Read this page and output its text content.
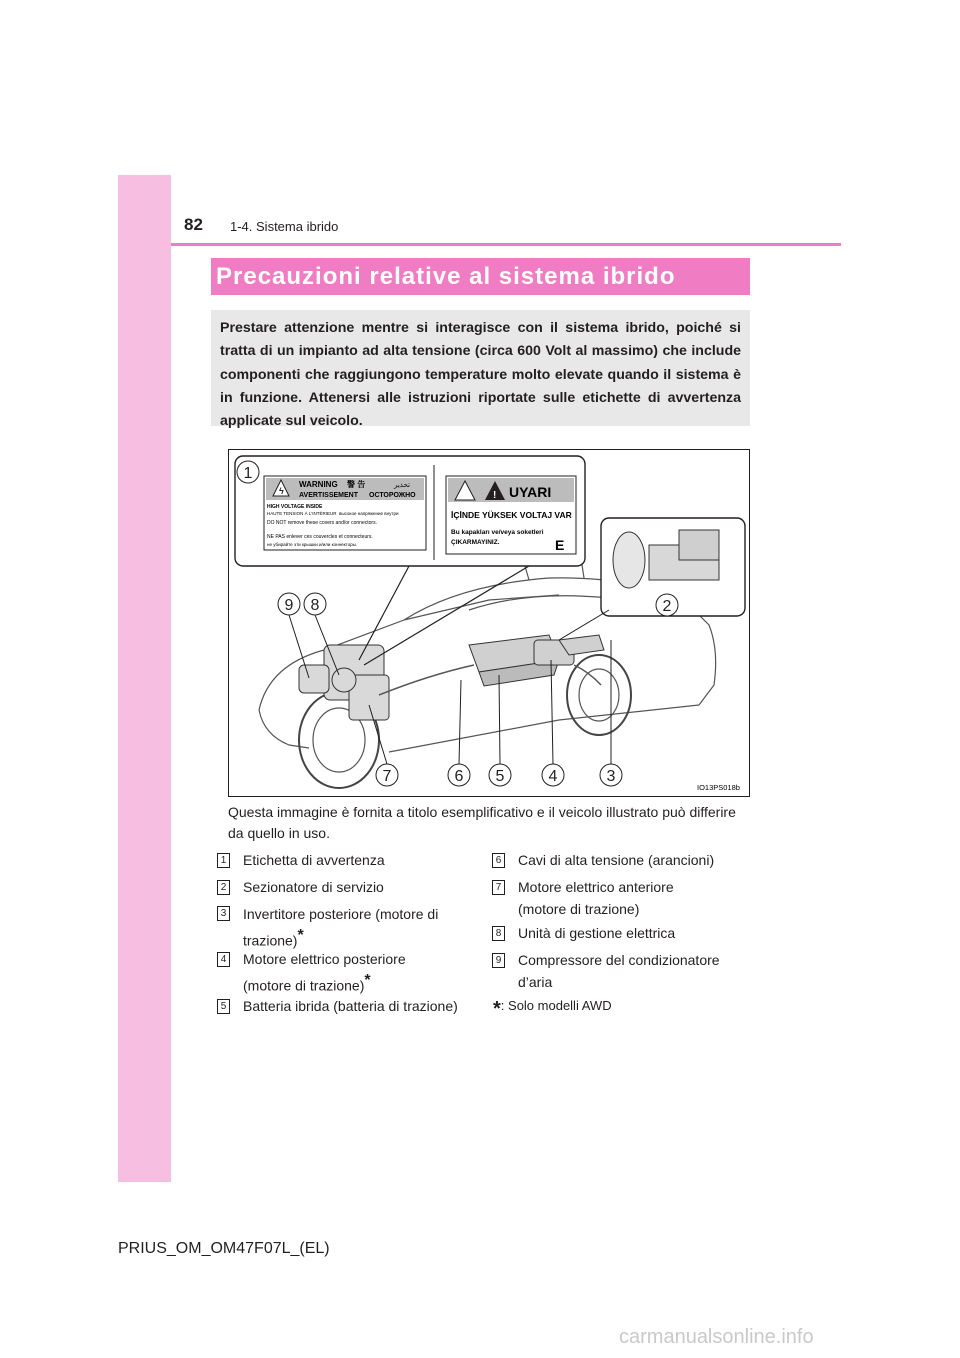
82 1-4. Sistema ibrido
Precauzioni relative al sistema ibrido
Prestare attenzione mentre si interagisce con il sistema ibrido, poiché si tratta di un impianto ad alta tensione (circa 600 Volt al massimo) che include componenti che raggiungono temperature molto elevate quando il sistema è in funzione. Attenersi alle istruzioni riportate sulle etichette di avvertenza applicate sul veicolo.
ϟ
WARNING 警 告	تحذير
AVERTISSEMENT ОСТОРОЖНО
HIGH VOLTAGE INSIDE
HAUTE TENSION À L'INTÉRIEUR высокое напряжение внутри
DO NOT remove these covers and/or connectors.
NE PAS enlever ces couvercles et connecteurs.
не убирайте эти крышки и/или коннекторы.
! UYARI
İÇİNDE YÜKSEK VOLTAJ VAR
Bu kapakları ve/veya soketleri
ÇIKARMAYINIZ.	E
1
2
3
4
5
6
7
8
9
IO13PS018b
Questa immagine è fornita a titolo esemplificativo e il veicolo illustrato può differire da quello in uso.
1 Etichetta di avvertenza
2 Sezionatore di servizio
3 Invertitore posteriore (motore di trazione)*
4 Motore elettrico posteriore (motore di trazione)*
5 Batteria ibrida (batteria di trazione)
6 Cavi di alta tensione (arancioni)
7 Motore elettrico anteriore (motore di trazione)
8 Unità di gestione elettrica
9 Compressore del condizionatore d’aria
*: Solo modelli AWD
PRIUS_OM_OM47F07L_(EL)
carmanualsonline.info
